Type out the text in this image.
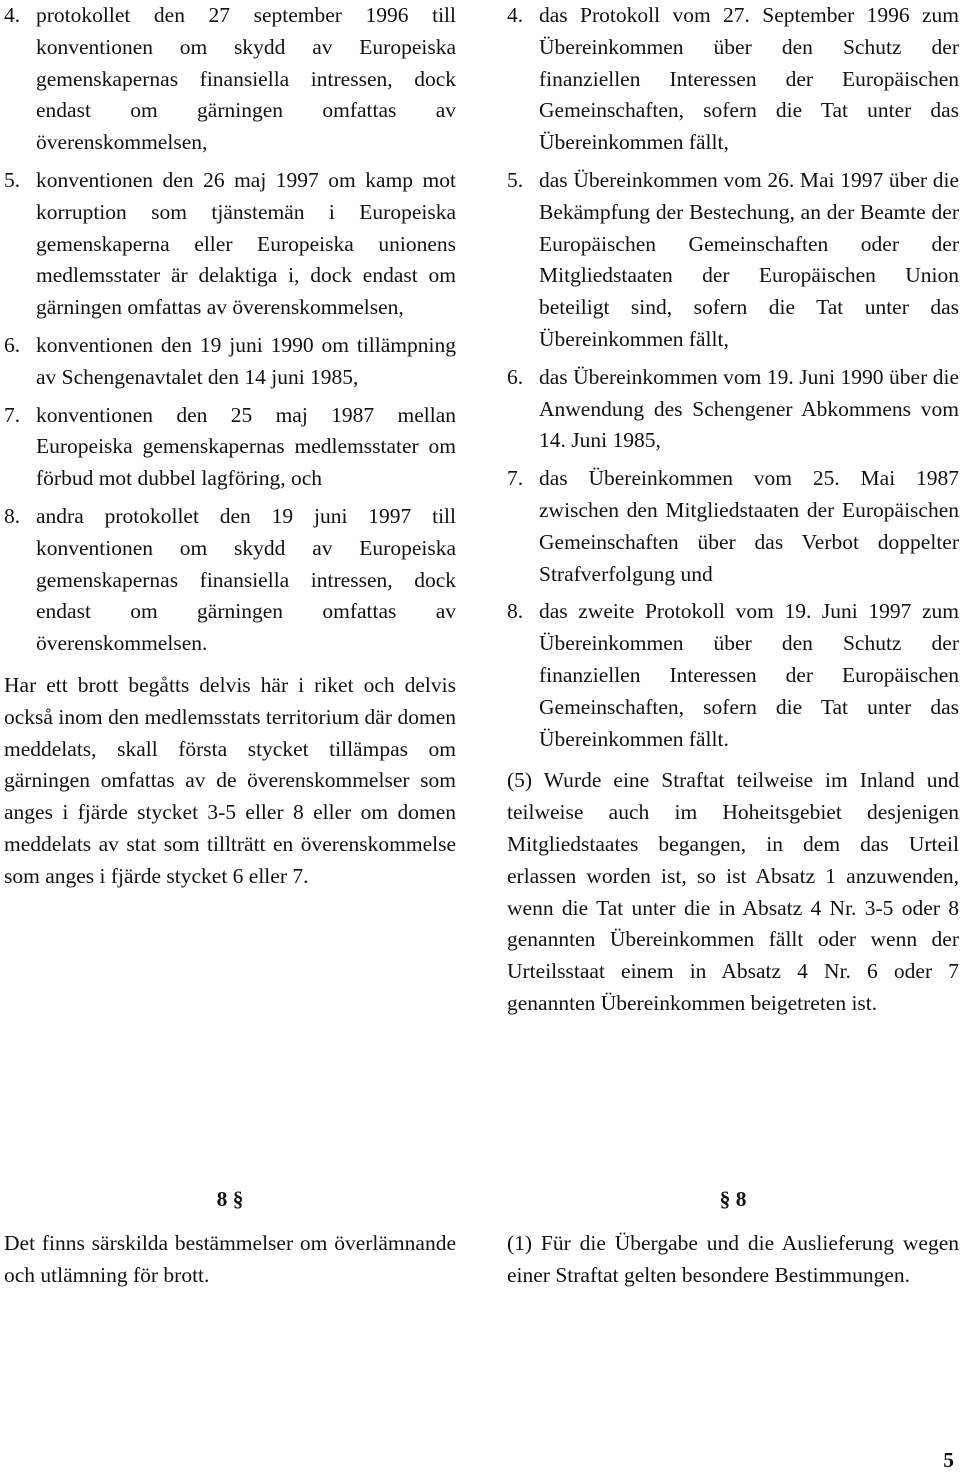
4. protokollet den 27 september 1996 till konventionen om skydd av Europeiska gemenskapernas finansiella intressen, dock endast om gärningen omfattas av överenskommelsen,
5. konventionen den 26 maj 1997 om kamp mot korruption som tjänstemän i Europeiska gemenskaperna eller Europeiska unionens medlemsstater är delaktiga i, dock endast om gärningen omfattas av överenskommelsen,
6. konventionen den 19 juni 1990 om tillämpning av Schengenavtalet den 14 juni 1985,
7. konventionen den 25 maj 1987 mellan Europeiska gemenskapernas medlemsstater om förbud mot dubbel lagföring, och
8. andra protokollet den 19 juni 1997 till konventionen om skydd av Europeiska gemenskapernas finansiella intressen, dock endast om gärningen omfattas av överenskommelsen.

Har ett brott begåtts delvis här i riket och delvis också inom den medlemsstats territorium där domen meddelats, skall första stycket tillämpas om gärningen omfattas av de överenskommelser som anges i fjärde stycket 3-5 eller 8 eller om domen meddelats av stat som tillträtt en överenskommelse som anges i fjärde stycket 6 eller 7.

4. das Protokoll vom 27. September 1996 zum Übereinkommen über den Schutz der finanziellen Interessen der Europäischen Gemeinschaften, sofern die Tat unter das Übereinkommen fällt,
5. das Übereinkommen vom 26. Mai 1997 über die Bekämpfung der Bestechung, an der Beamte der Europäischen Gemeinschaften oder der Mitgliedstaaten der Europäischen Union beteiligt sind, sofern die Tat unter das Übereinkommen fällt,
6. das Übereinkommen vom 19. Juni 1990 über die Anwendung des Schengener Abkommens vom 14. Juni 1985,
7. das Übereinkommen vom 25. Mai 1987 zwischen den Mitgliedstaaten der Europäischen Gemeinschaften über das Verbot doppelter Strafverfolgung und
8. das zweite Protokoll vom 19. Juni 1997 zum Übereinkommen über den Schutz der finanziellen Interessen der Europäischen Gemeinschaften, sofern die Tat unter das Übereinkommen fällt.

(5) Wurde eine Straftat teilweise im Inland und teilweise auch im Hoheitsgebiet desjenigen Mitgliedstaates begangen, in dem das Urteil erlassen worden ist, so ist Absatz 1 anzuwenden, wenn die Tat unter die in Absatz 4 Nr. 3-5 oder 8 genannten Übereinkommen fällt oder wenn der Urteilsstaat einem in Absatz 4 Nr. 6 oder 7 genannten Übereinkommen beigetreten ist.

8 §	§ 8
Det finns särskilda bestämmelser om överlämnande och utlämning för brott.
(1) Für die Übergabe und die Auslieferung wegen einer Straftat gelten besondere Bestimmungen.
5
